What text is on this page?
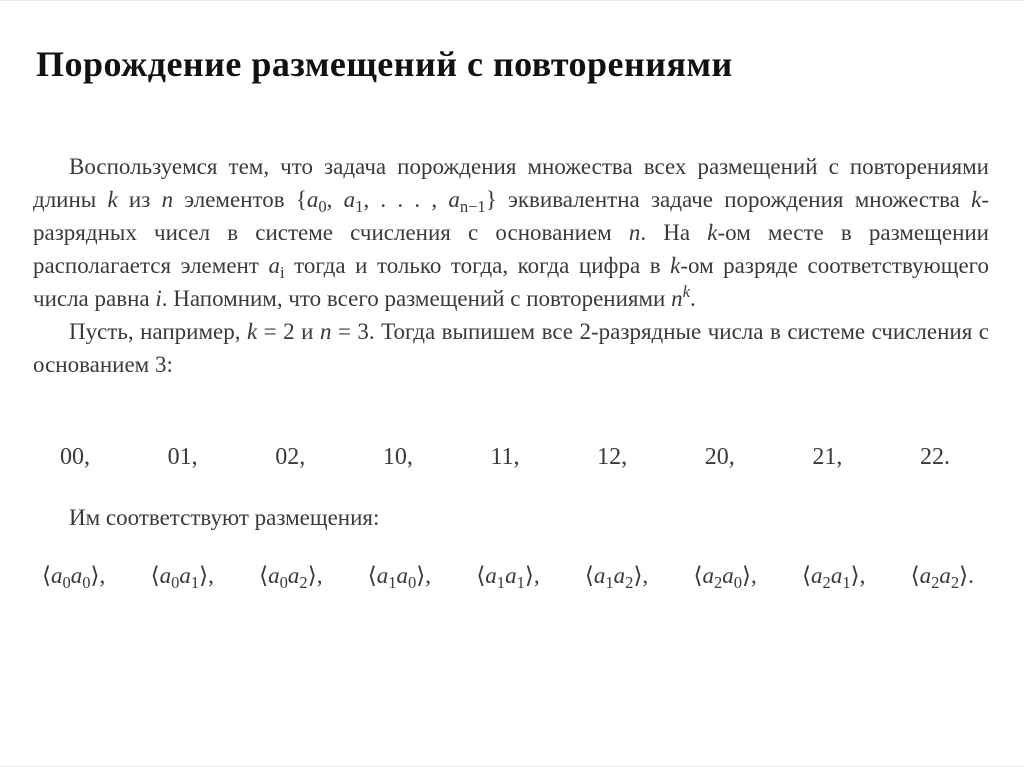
Порождение размещений с повторениями

Воспользуемся тем, что задача порождения множества всех размещений с повторениями длины k из n элементов {$a_0$, $a_1$, . . . , $a_{n-1}$} эквивалентна задаче порождения множества k-разрядных чисел в системе счисления с основанием n. На k-ом месте в размещении располагается элемент $a_i$ тогда и только тогда, когда цифра в k-ом разряде соответствующего числа равна i. Напомним, что всего размещений с повторениями $n^k$.

Пусть, например, k = 2 и n = 3. Тогда выпишем все 2-разрядные числа в системе счисления с основанием 3:

00,	01,	02,	10,	11,	12,	20,	21,	22.
Им соответствуют размещения:
$⟨a_0a_0⟩$, $⟨a_0a_1⟩$, $⟨a_0a_2⟩$, $⟨a_1a_0⟩$, $⟨a_1a_1⟩$, $⟨a_1a_2⟩$, $⟨a_2a_0⟩$, $⟨a_2a_1⟩$, $⟨a_2a_2⟩$.
